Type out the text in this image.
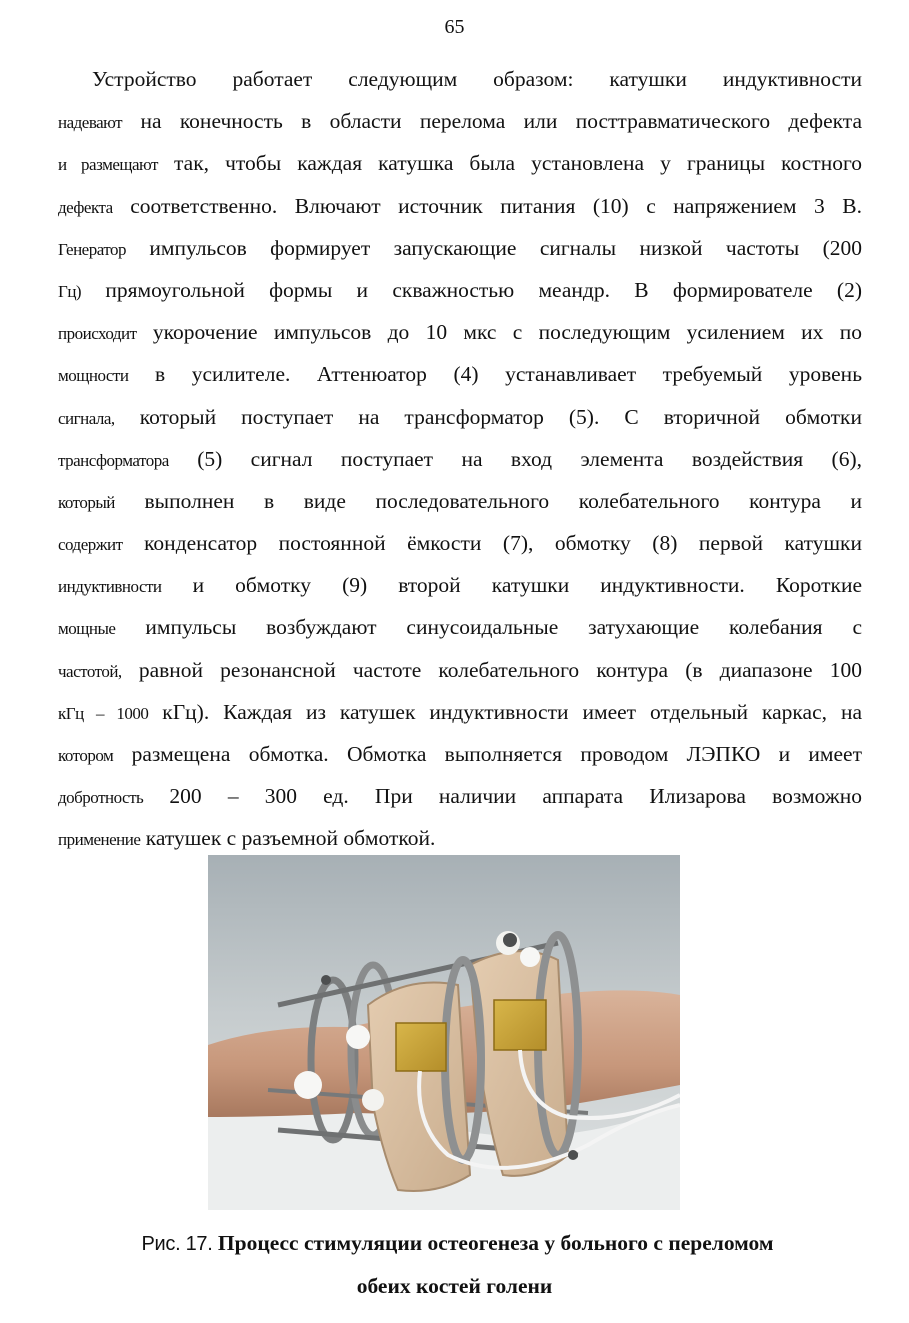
65
Устройство работает следующим образом: катушки индуктивности
надевают на конечность в области перелома или посттравматического дефекта
и размещают так, чтобы каждая катушка была установлена у границы костного
дефекта соответственно. Влючают источник питания (10) с напряжением 3 В.
Генератор импульсов формирует запускающие сигналы низкой частоты (200
Гц) прямоугольной формы и скважностью меандр. В формирователе (2)
происходит укорочение импульсов до 10 мкс с последующим усилением их по
мощности в усилителе. Аттенюатор (4) устанавливает требуемый уровень
сигнала, который поступает на трансформатор (5). С вторичной обмотки
трансформатора (5) сигнал поступает на вход элемента воздействия (6),
который выполнен в виде последовательного колебательного контура и
содержит конденсатор постоянной ёмкости (7), обмотку (8) первой катушки
индуктивности и обмотку (9) второй катушки индуктивности. Короткие
мощные импульсы возбуждают синусоидальные затухающие колебания с
частотой, равной резонансной частоте колебательного контура (в диапазоне 100
кГц – 1000 кГц). Каждая из катушек индуктивности имеет отдельный каркас, на
котором размещена обмотка. Обмотка выполняется проводом ЛЭПКО и имеет
добротность 200 – 300 ед. При наличии аппарата Илизарова возможно
применение катушек с разъемной обмоткой.
Рис. 17. Процесс стимуляции остеогенеза у больного с переломом
обеих костей голени
